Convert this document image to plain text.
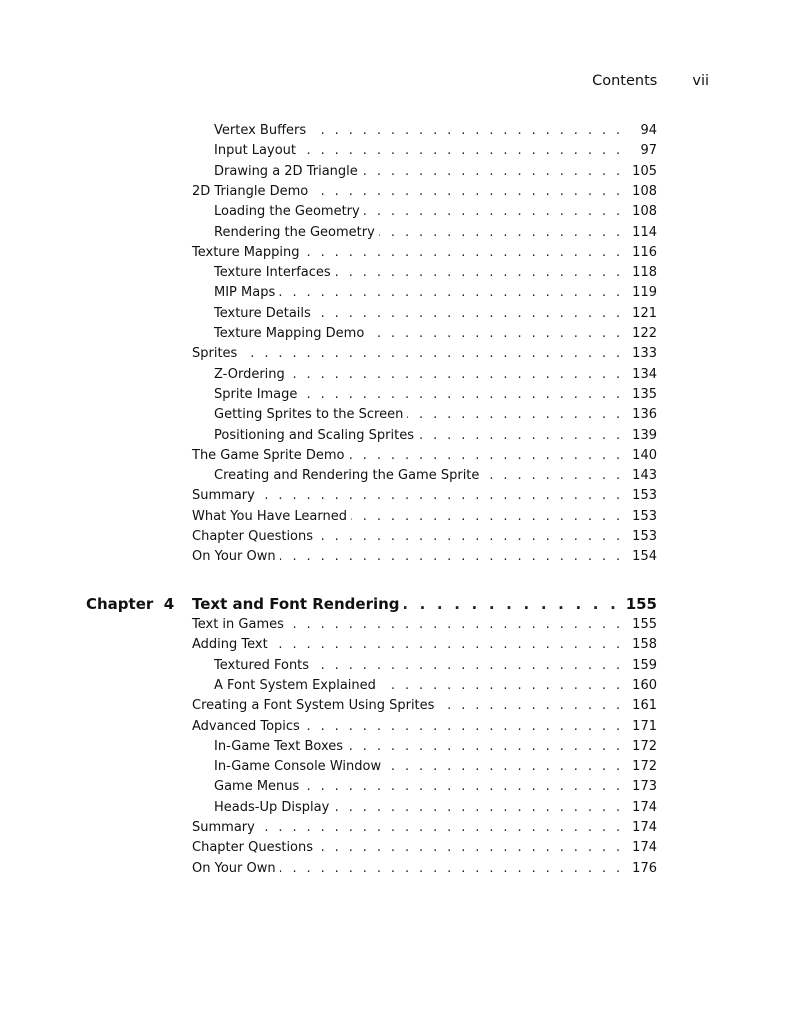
Contents vii
Vertex Buffers . . .	94
Input Layout . . .	97
Drawing a 2D Triangle . . .	105
2D Triangle Demo . . .	108
Loading the Geometry . . .	108
Rendering the Geometry . . .	114
Texture Mapping . . .	116
Texture Interfaces . . .	118
MIP Maps . . .	119
Texture Details . . .	121
Texture Mapping Demo . . .	122
Sprites . . .	133
Z-Ordering . . .	134
Sprite Image . . .	135
Getting Sprites to the Screen . . .	136
Positioning and Scaling Sprites . . .	139
The Game Sprite Demo . . .	140
Creating and Rendering the Game Sprite . . .	143
Summary . . .	153
What You Have Learned . . .	153
Chapter Questions . . .	153
On Your Own . . .	154
Chapter  4 Text and Font Rendering . . .	155
Text in Games . . .	155
Adding Text . . .	158
Textured Fonts . . .	159
A Font System Explained . . .	160
Creating a Font System Using Sprites . . .	161
Advanced Topics . . .	171
In-Game Text Boxes . . .	172
In-Game Console Window . . .	172
Game Menus . . .	173
Heads-Up Display . . .	174
Summary . . .	174
Chapter Questions . . .	174
On Your Own . . .	176
